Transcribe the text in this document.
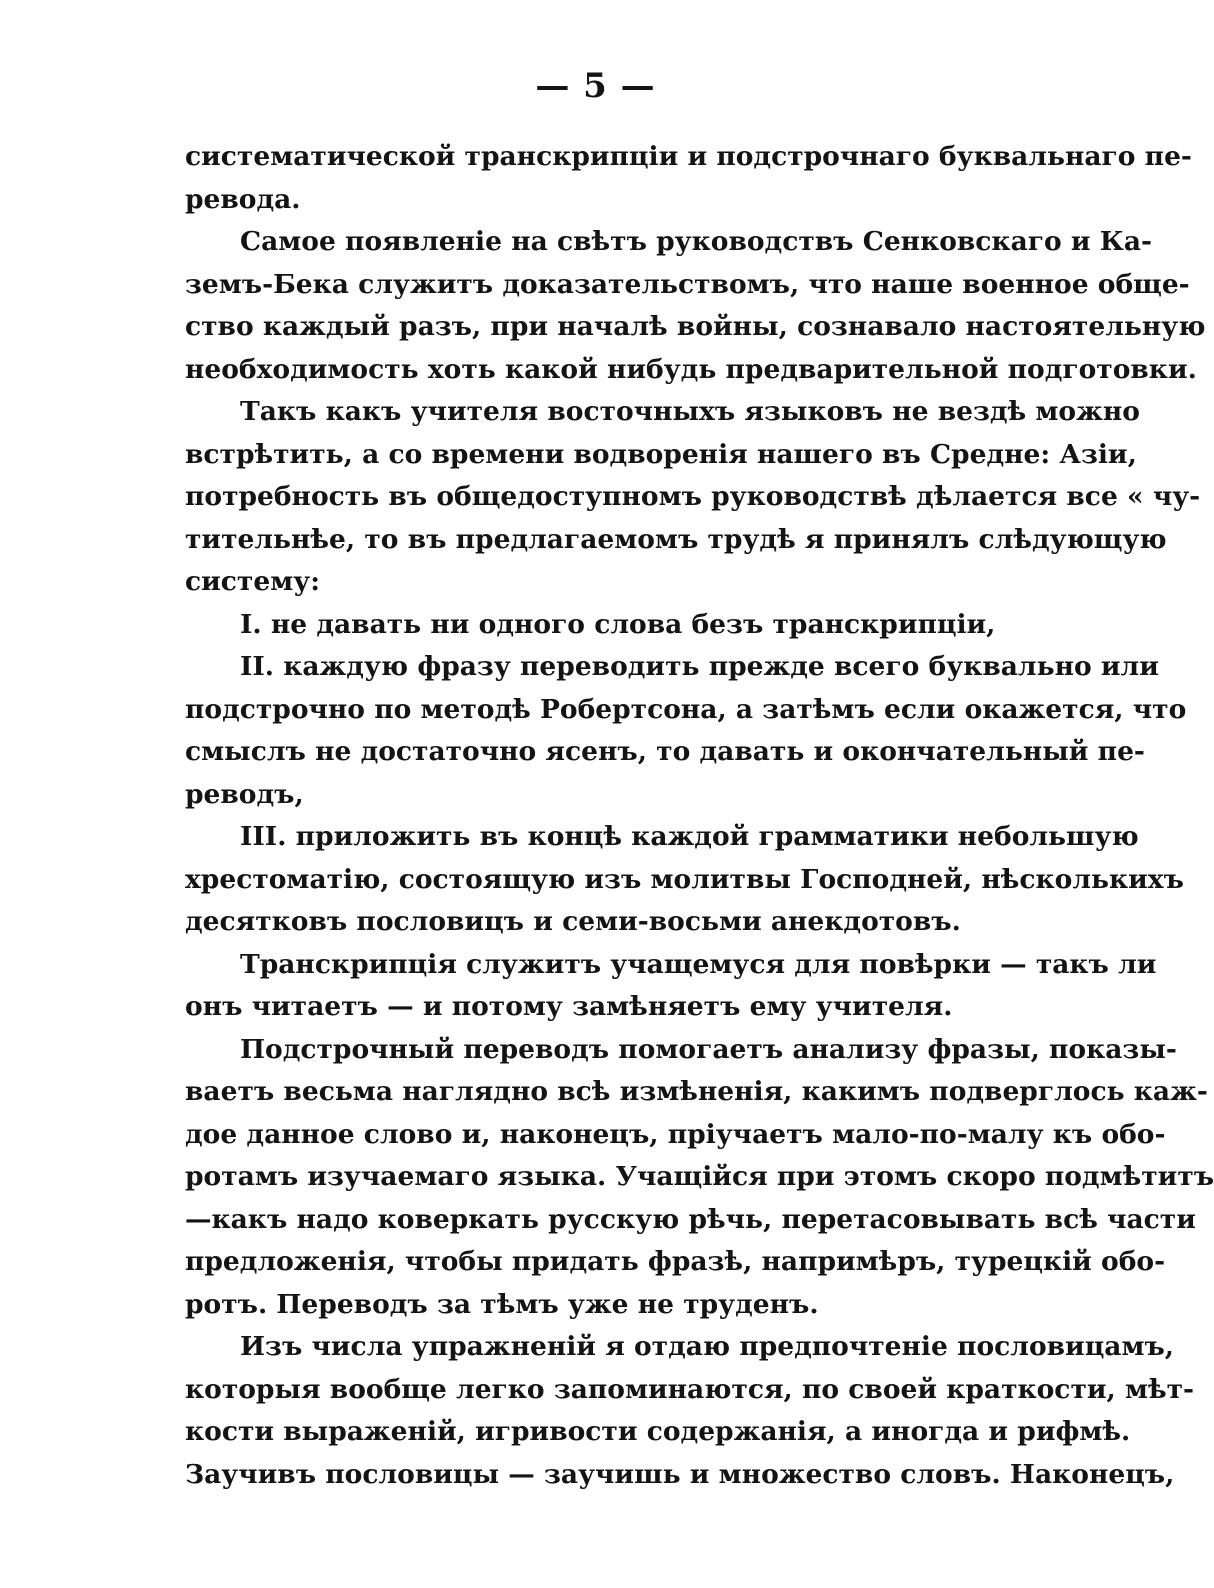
— 5 —
систематической транскрипціи и подстрочнаго буквальнаго пе-
ревода.
Самое появленіе на свѣтъ руководствъ Сенковскаго и Ка-
земъ-Бека служитъ доказательствомъ, что наше военное обще-
ство каждый разъ, при началѣ войны, сознавало настоятельную
необходимость хоть какой нибудь предварительной подготовки.
Такъ какъ учителя восточныхъ языковъ не вездѣ можно
встрѣтить, а со времени водворенія нашего въ Средне: Азіи,
потребность въ общедоступномъ руководствѣ дѣлается все « чу-
тительнѣе, то въ предлагаемомъ трудѣ я принялъ слѣдующую
систему:
I. не давать ни одного слова безъ транскрипціи,
II. каждую фразу переводить прежде всего буквально или
подстрочно по методѣ Робертсона, а затѣмъ если окажется, что
смыслъ не достаточно ясенъ, то давать и окончательный пе-
реводъ,
III. приложить въ концѣ каждой грамматики небольшую
хрестоматію, состоящую изъ молитвы Господней, нѣсколькихъ
десятковъ пословицъ и семи-восьми анекдотовъ.
Транскрипція служитъ учащемуся для повѣрки — такъ ли
онъ читаетъ — и потому замѣняетъ ему учителя.
Подстрочный переводъ помогаетъ анализу фразы, показы-
ваетъ весьма наглядно всѣ измѣненія, какимъ подверглось каж-
дое данное слово и, наконецъ, пріучаетъ мало-по-малу къ обо-
ротамъ изучаемаго языка. Учащійся при этомъ скоро подмѣтитъ
—какъ надо коверкать русскую рѣчь, перетасовывать всѣ части
предложенія, чтобы придать фразѣ, напримѣръ, турецкій обо-
ротъ. Переводъ за тѣмъ уже не труденъ.
Изъ числа упражненій я отдаю предпочтеніе пословицамъ,
которыя вообще легко запоминаются, по своей краткости, мѣт-
кости выраженій, игривости содержанія, а иногда и рифмѣ.
Заучивъ пословицы — заучишь и множество словъ. Наконецъ,
